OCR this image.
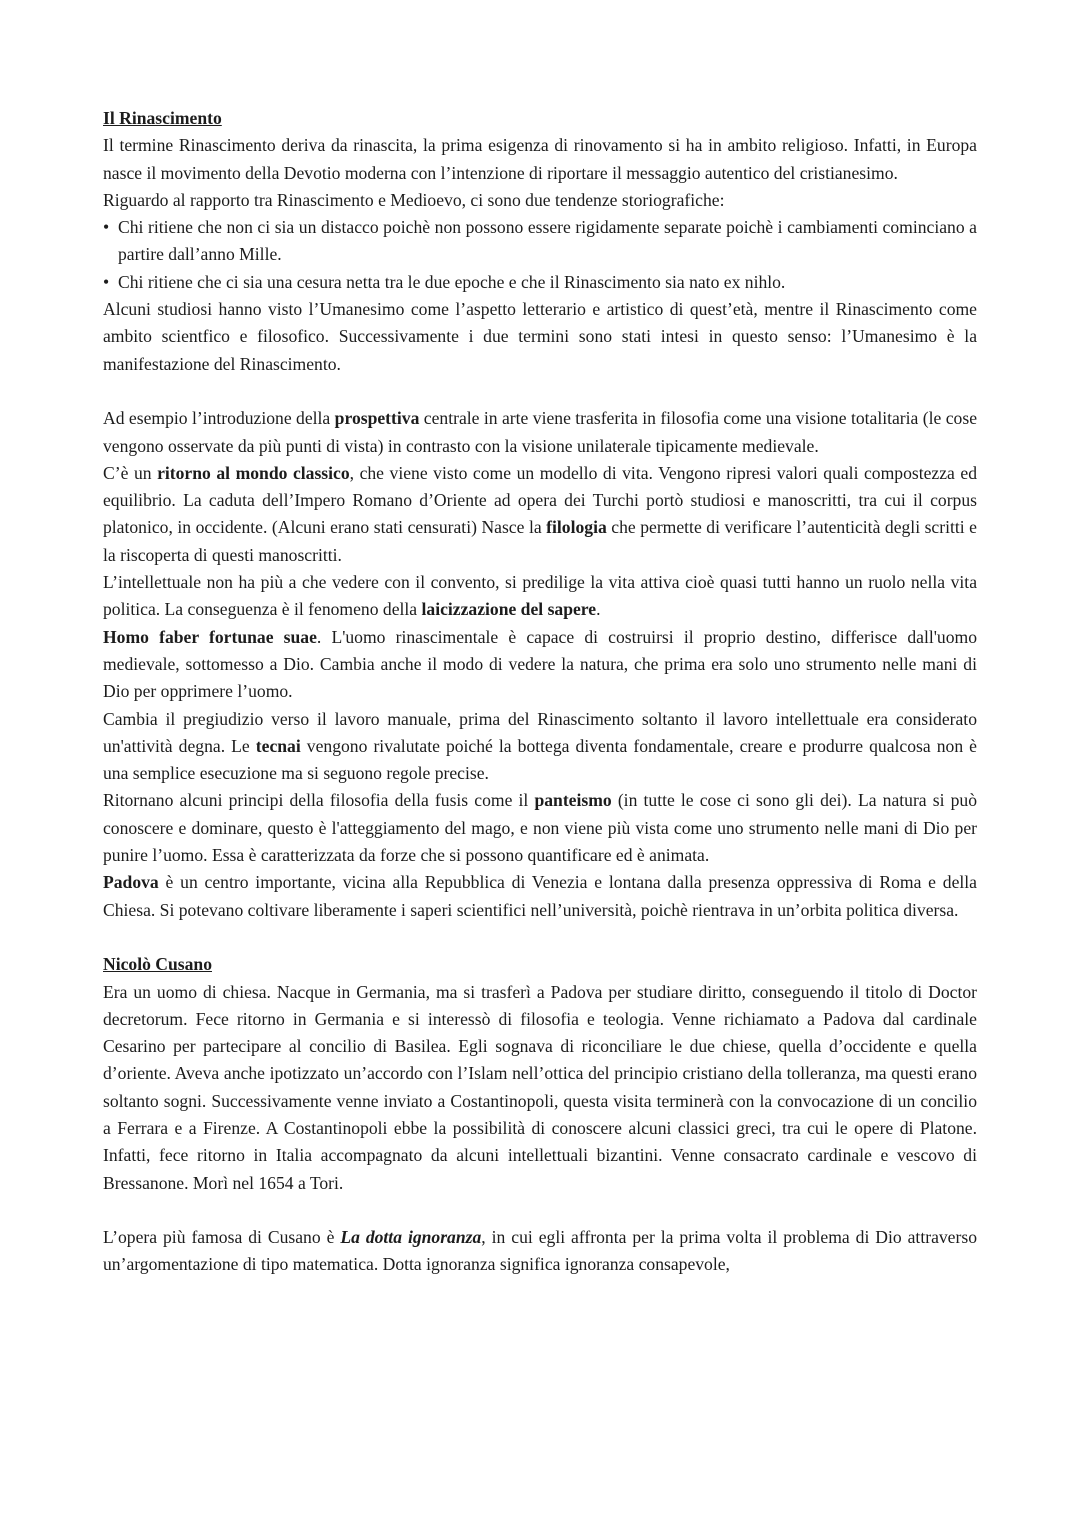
Il Rinascimento

Il termine Rinascimento deriva da rinascita, la prima esigenza di rinovamento si ha in ambito religioso. Infatti, in Europa nasce il movimento della Devotio moderna con l’intenzione di riportare il messaggio autentico del cristianesimo.

Riguardo al rapporto tra Rinascimento e Medioevo, ci sono due tendenze storiografiche:

• Chi ritiene che non ci sia un distacco poichè non possono essere rigidamente separate poichè i cambiamenti cominciano a partire dall’anno Mille.
• Chi ritiene che ci sia una cesura netta tra le due epoche e che il Rinascimento sia nato ex nihlo.

Alcuni studiosi hanno visto l’Umanesimo come l’aspetto letterario e artistico di quest’età, mentre il Rinascimento come ambito scientfico e filosofico. Successivamente i due termini sono stati intesi in questo senso: l’Umanesimo è la manifestazione del Rinascimento.

Ad esempio l’introduzione della prospettiva centrale in arte viene trasferita in filosofia come una visione totalitaria (le cose vengono osservate da più punti di vista) in contrasto con la visione unilaterale tipicamente medievale.

C’è un ritorno al mondo classico, che viene visto come un modello di vita. Vengono ripresi valori quali compostezza ed equilibrio. La caduta dell’Impero Romano d’Oriente ad opera dei Turchi portò studiosi e manoscritti, tra cui il corpus platonico, in occidente. (Alcuni erano stati censurati) Nasce la filologia che permette di verificare l’autenticità degli scritti e la riscoperta di questi manoscritti.

L’intellettuale non ha più a che vedere con il convento, si predilige la vita attiva cioè quasi tutti hanno un ruolo nella vita politica. La conseguenza è il fenomeno della laicizzazione del sapere.

Homo faber fortunae suae. L'uomo rinascimentale è capace di costruirsi il proprio destino, differisce dall'uomo medievale, sottomesso a Dio. Cambia anche il modo di vedere la natura, che prima era solo uno strumento nelle mani di Dio per opprimere l’uomo.

Cambia il pregiudizio verso il lavoro manuale, prima del Rinascimento soltanto il lavoro intellettuale era considerato un'attività degna. Le tecnai vengono rivalutate poiché la bottega diventa fondamentale, creare e produrre qualcosa non è una semplice esecuzione ma si seguono regole precise.

Ritornano alcuni principi della filosofia della fusis come il panteismo (in tutte le cose ci sono gli dei). La natura si può conoscere e dominare, questo è l'atteggiamento del mago, e non viene più vista come uno strumento nelle mani di Dio per punire l’uomo. Essa è caratterizzata da forze che si possono quantificare ed è animata.

Padova è un centro importante, vicina alla Repubblica di Venezia e lontana dalla presenza oppressiva di Roma e della Chiesa. Si potevano coltivare liberamente i saperi scientifici nell’università, poichè rientrava in un’orbita politica diversa.

Nicolò Cusano

Era un uomo di chiesa. Nacque in Germania, ma si trasferì a Padova per studiare diritto, conseguendo il titolo di Doctor decretorum. Fece ritorno in Germania e si interessò di filosofia e teologia. Venne richiamato a Padova dal cardinale Cesarino per partecipare al concilio di Basilea. Egli sognava di riconciliare le due chiese, quella d’occidente e quella d’oriente. Aveva anche ipotizzato un’accordo con l’Islam nell’ottica del principio cristiano della tolleranza, ma questi erano soltanto sogni. Successivamente venne inviato a Costantinopoli, questa visita terminerà con la convocazione di un concilio a Ferrara e a Firenze. A Costantinopoli ebbe la possibilità di conoscere alcuni classici greci, tra cui le opere di Platone. Infatti, fece ritorno in Italia accompagnato da alcuni intellettuali bizantini. Venne consacrato cardinale e vescovo di Bressanone. Morì nel 1654 a Tori.

L’opera più famosa di Cusano è La dotta ignoranza, in cui egli affronta per la prima volta il problema di Dio attraverso un’argomentazione di tipo matematica. Dotta ignoranza significa ignoranza consapevole,
